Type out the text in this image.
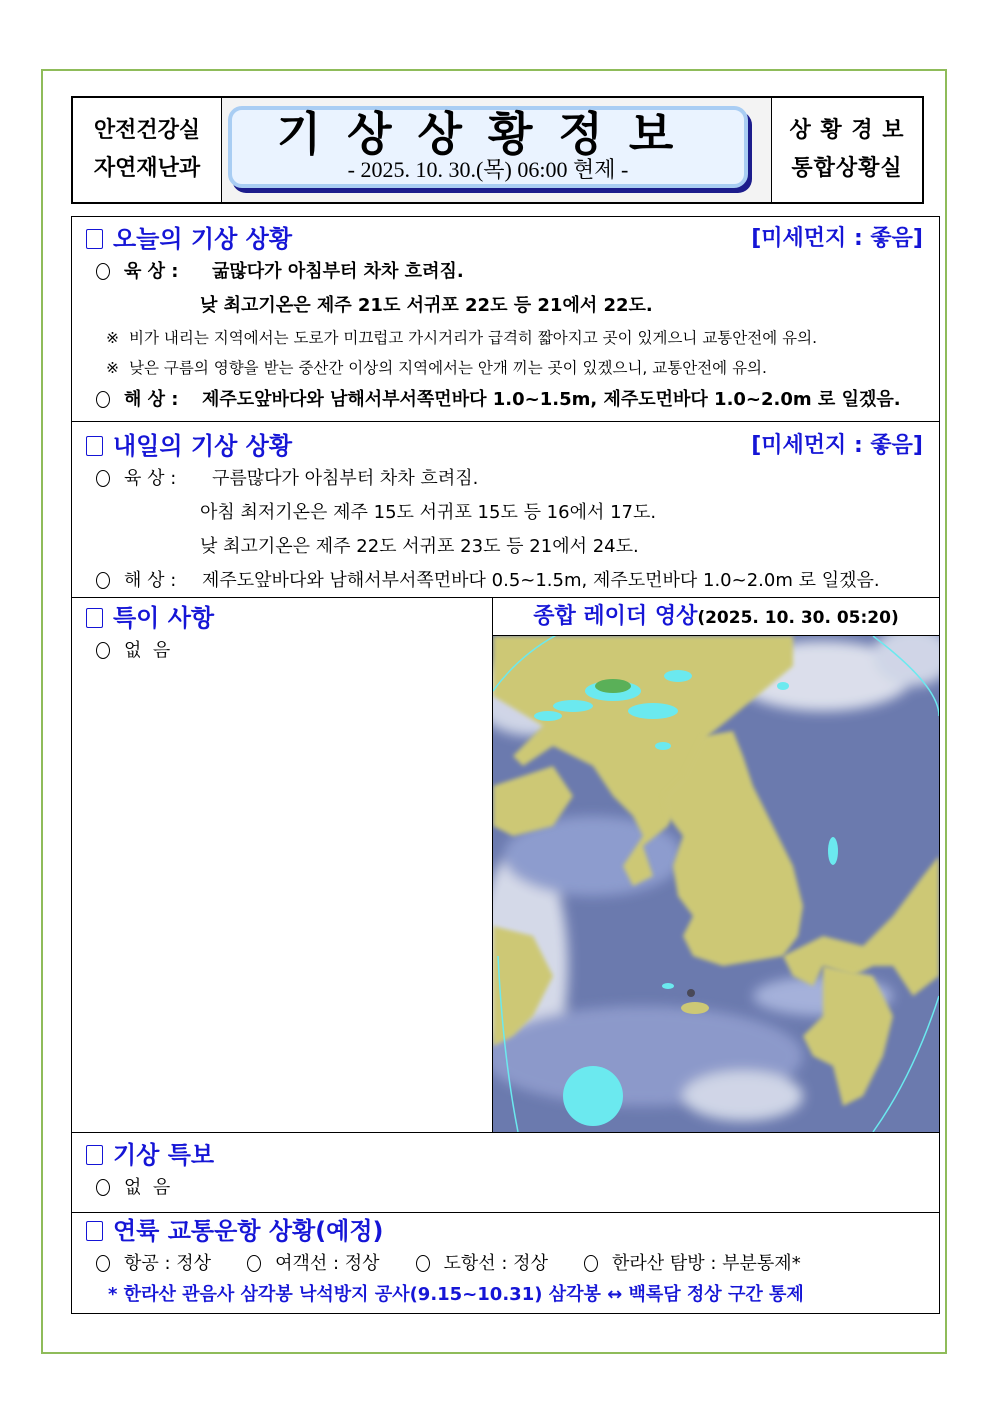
안전건강실
자연재난과
기상상황정보
- 2025. 10. 30.(목) 06:00 현제 -
상 황 경 보
통합상황실
오늘의 기상 상황	[미세먼지 : 좋음]
육 상 :	굶많다가 아침부터 차차 흐려짐.
낮 최고기온은 제주 21도 서귀포 22도 등 21에서 22도.
※ 비가 내리는 지역에서는 도로가 미끄럽고 가시거리가 급격히 짧아지고 곳이 있게으니 교통안전에 유의.
※ 낮은 구름의 영향을 받는 중산간 이상의 지역에서는 안개 끼는 곳이 있겠으니, 교통안전에 유의.
해 상 :	제주도앞바다와 남해서부서쪽먼바다 1.0~1.5m, 제주도먼바다 1.0~2.0m 로 일겠음.
내일의 기상 상황	[미세먼지 : 좋음]
육 상 :	구름많다가 아침부터 차차 흐려짐.
아침 최저기온은 제주 15도 서귀포 15도 등 16에서 17도.
낮 최고기온은 제주 22도 서귀포 23도 등 21에서 24도.
해 상 :	제주도앞바다와 남해서부서쪽먼바다 0.5~1.5m, 제주도먼바다 1.0~2.0m 로 일겠음.
특이 사항
없  음
종합 레이더 영상(2025. 10. 30. 05:20)
기상 특보
없  음
연륙 교통운항 상황(예정)
항공 : 정상	여객선 : 정상	도항선 : 정상	한라산 탐방 : 부분통제*
* 한라산 관음사 삼각봉 낙석방지 공사(9.15~10.31) 삼각봉 ↔ 백록담 정상 구간 통제
